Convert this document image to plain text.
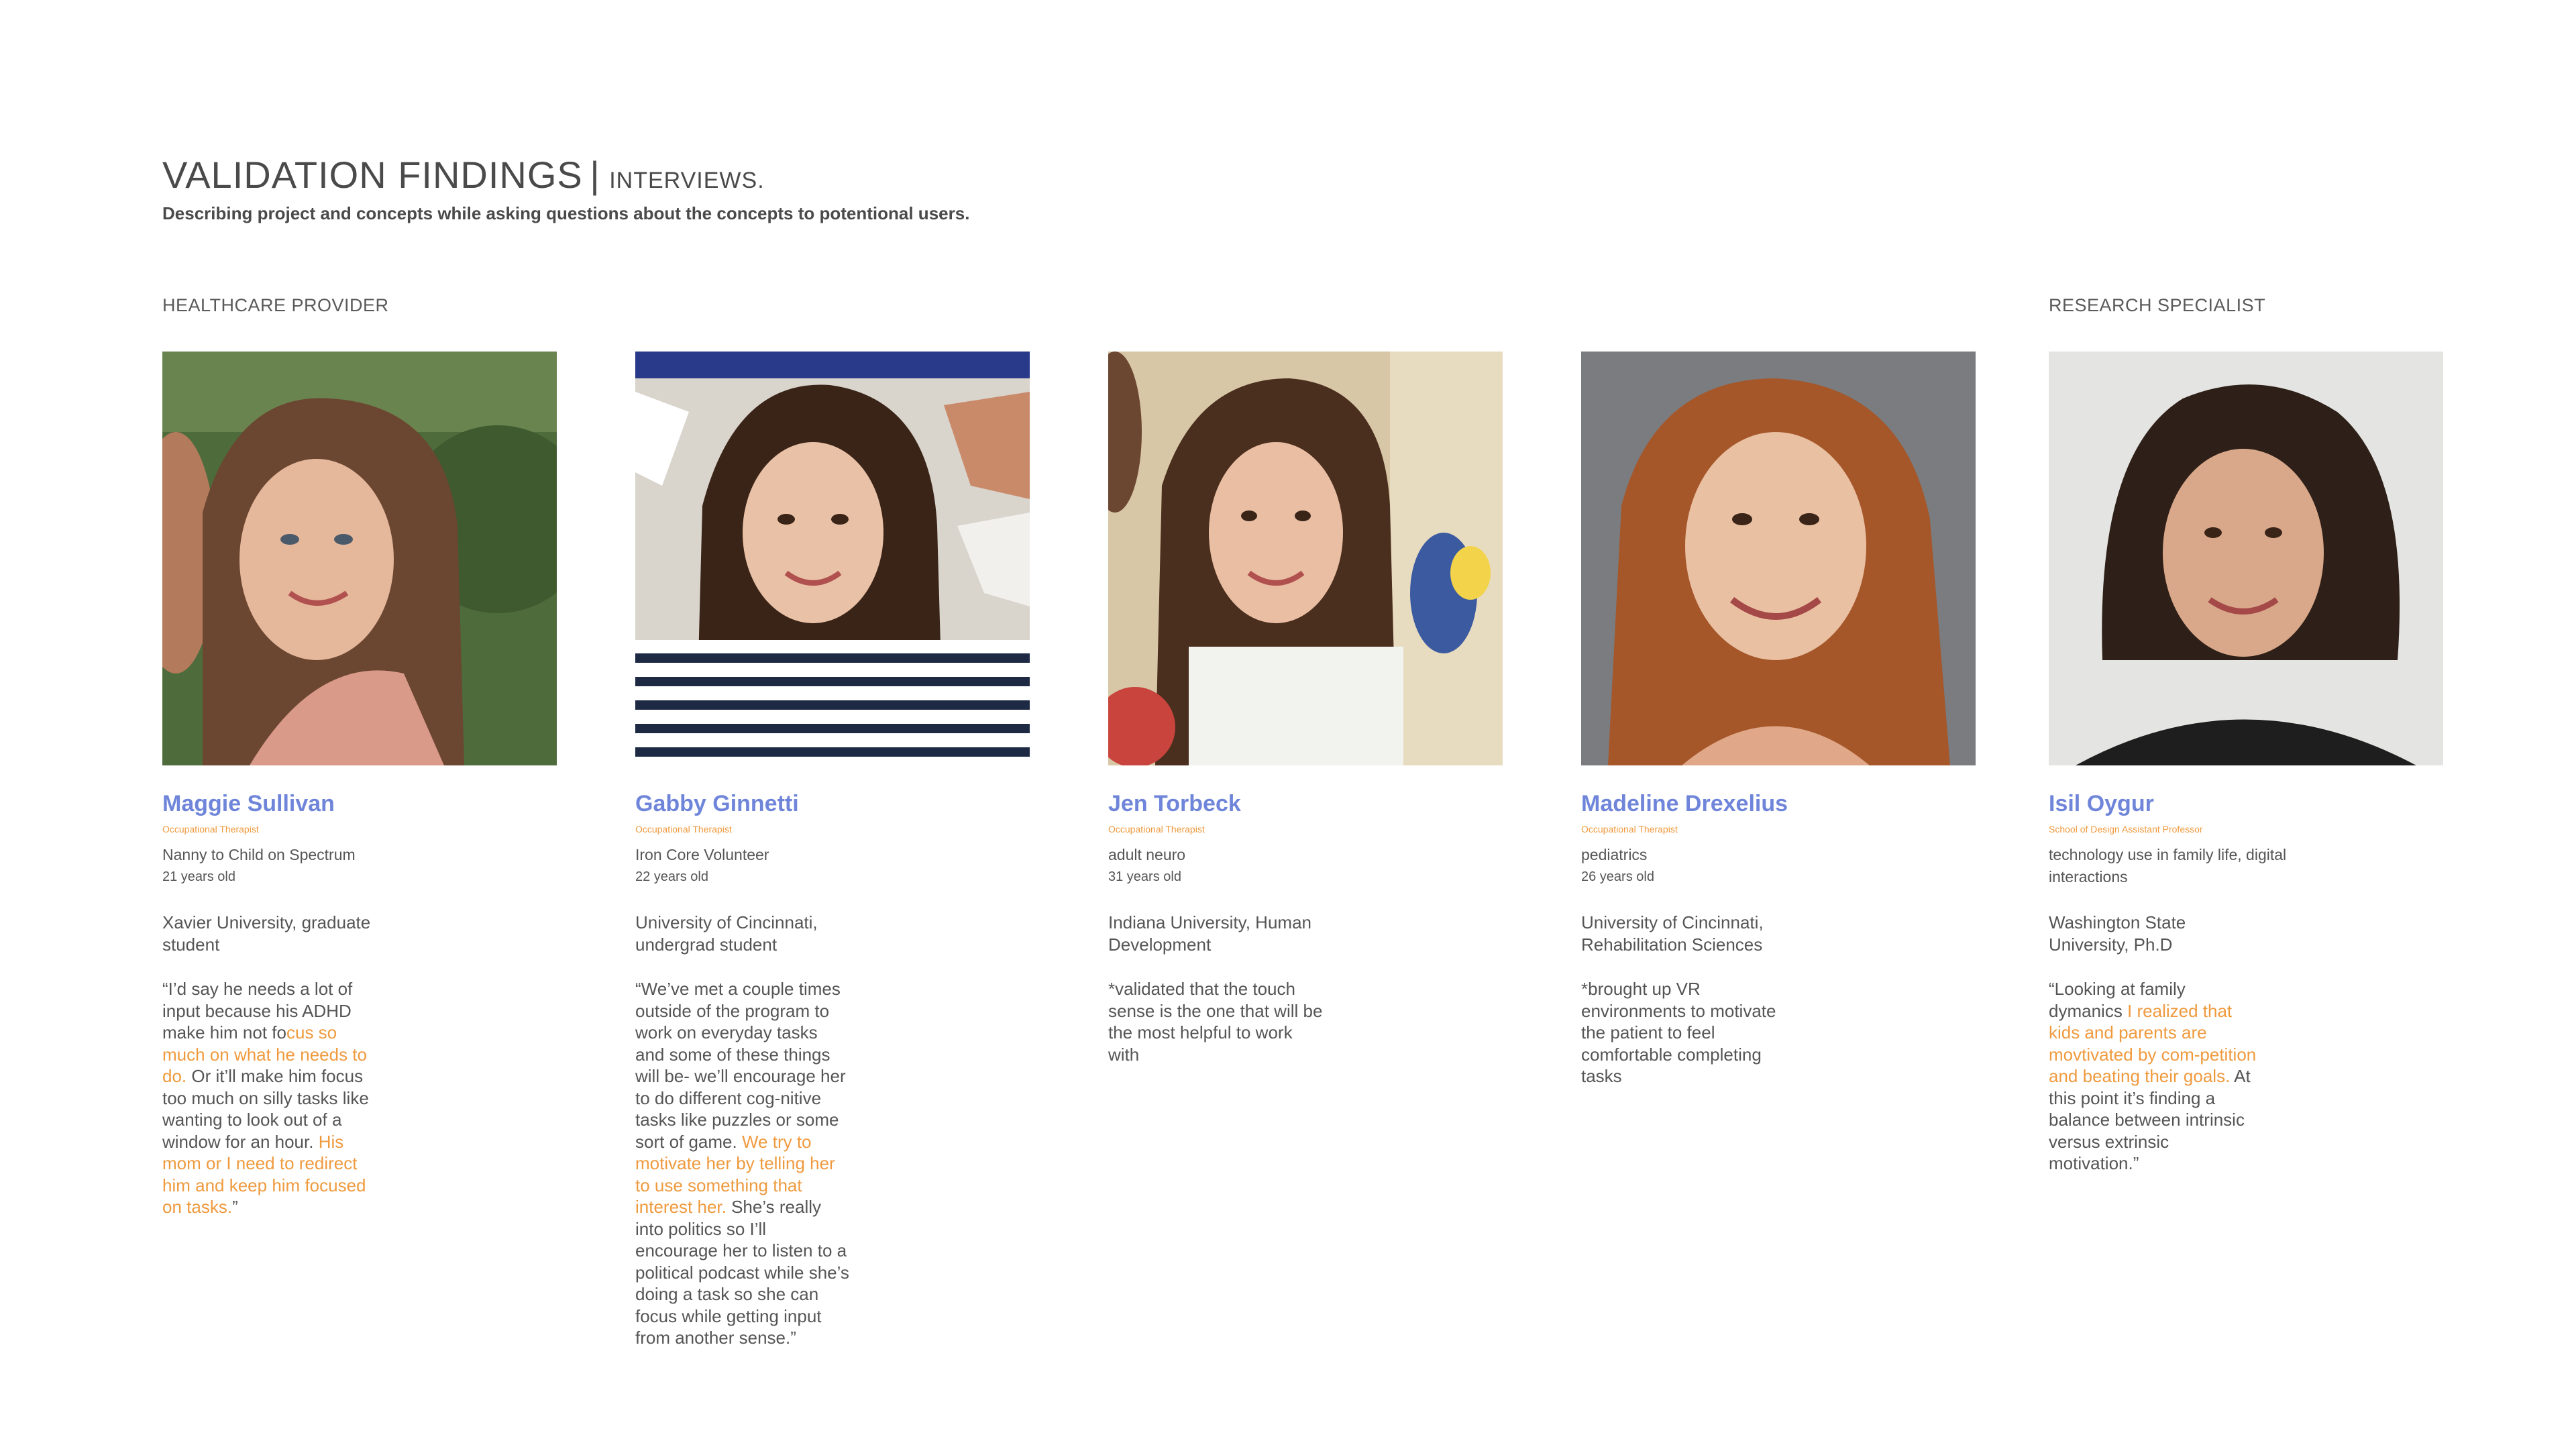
VALIDATION FINDINGS | INTERVIEWS.
Describing project and concepts while asking questions about the concepts to potentional users.
HEALTHCARE PROVIDER	RESEARCH SPECIALIST
Maggie Sullivan
Occupational Therapist
Nanny to Child on Spectrum
21 years old
Xavier University, graduate student
“I’d say he needs a lot of input because his ADHD make him not focus so much on what he needs to do. Or it’ll make him focus too much on silly tasks like wanting to look out of a window for an hour. His mom or I need to redirect him and keep him focused on tasks.”
Gabby Ginnetti
Occupational Therapist
Iron Core Volunteer
22 years old
University of Cincinnati, undergrad student
“We’ve met a couple times outside of the program to work on everyday tasks and some of these things will be- we’ll encourage her to do different cog-nitive tasks like puzzles or some sort of game. We try to motivate her by telling her to use something that interest her. She’s really into politics so I’ll encourage her to listen to a political podcast while she’s doing a task so she can focus while getting input from another sense.”
Jen Torbeck
Occupational Therapist
adult neuro
31 years old
Indiana University, Human Development
*validated that the touch sense is the one that will be the most helpful to work with
Madeline Drexelius
Occupational Therapist
pediatrics
26 years old
University of Cincinnati, Rehabilitation Sciences
*brought up VR environments to motivate the patient to feel comfortable completing tasks
Isil Oygur
School of Design Assistant Professor
technology use in family life, digital interactions
Washington State University, Ph.D
“Looking at family dymanics I realized that kids and parents are movtivated by com-petition and beating their goals. At this point it’s finding a balance between intrinsic versus extrinsic motivation.”
